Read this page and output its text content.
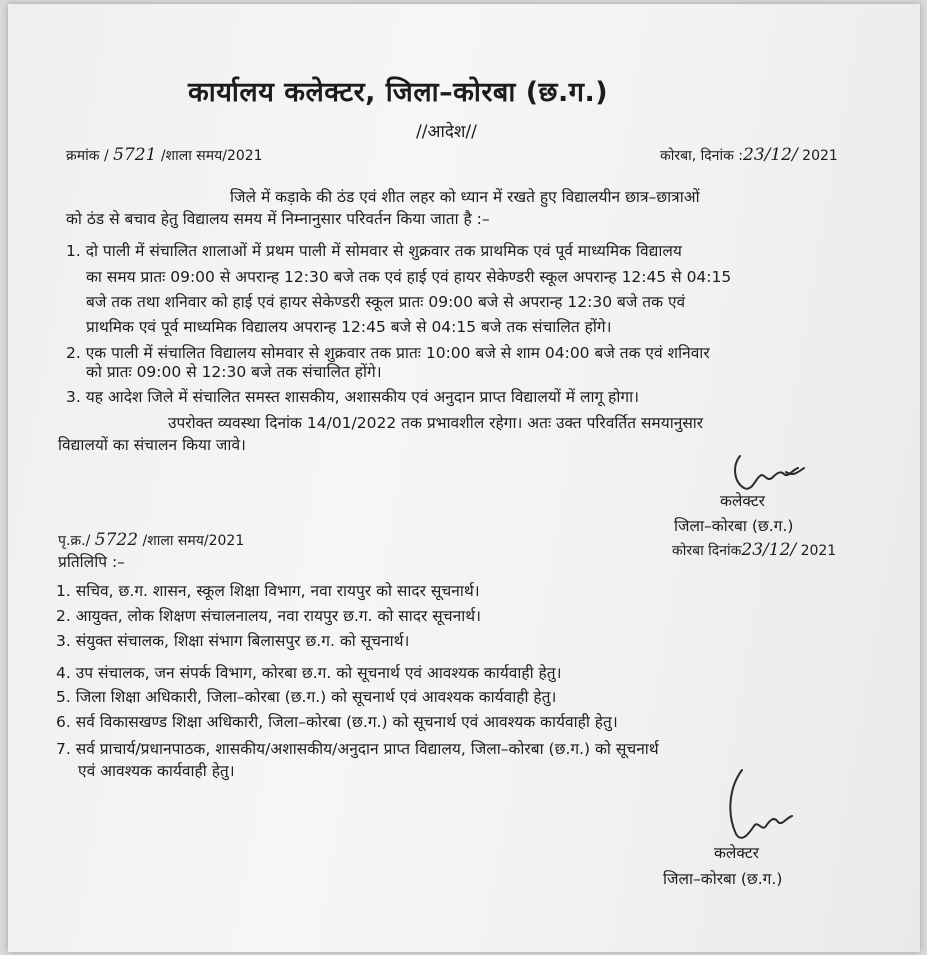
कार्यालय कलेक्टर, जिला–कोरबा (छ.ग.)
//आदेश//
क्रमांक / 5721 /शाला समय/2021	कोरबा, दिनांक :23/12/ 2021
जिले में कड़ाके की ठंड एवं शीत लहर को ध्यान में रखते हुए विद्यालयीन छात्र–छात्राओं
को ठंड से बचाव हेतु विद्यालय समय में निम्नानुसार परिवर्तन किया जाता है :–
1. दो पाली में संचालित शालाओं में प्रथम पाली में सोमवार से शुक्रवार तक प्राथमिक एवं पूर्व माध्यमिक विद्यालय
का समय प्रातः 09:00 से अपरान्ह 12:30 बजे तक एवं हाई एवं हायर सेकेण्डरी स्कूल अपरान्ह 12:45 से 04:15
बजे तक तथा शनिवार को हाई एवं हायर सेकेण्डरी स्कूल प्रातः 09:00 बजे से अपरान्ह 12:30 बजे तक एवं
प्राथमिक एवं पूर्व माध्यमिक विद्यालय अपरान्ह 12:45 बजे से 04:15 बजे तक संचालित होंगे।
2. एक पाली में संचालित विद्यालय सोमवार से शुक्रवार तक प्रातः 10:00 बजे से शाम 04:00 बजे तक एवं शनिवार
को प्रातः 09:00 से 12:30 बजे तक संचालित होंगे।
3. यह आदेश जिले में संचालित समस्त शासकीय, अशासकीय एवं अनुदान प्राप्त विद्यालयों में लागू होगा।
उपरोक्त व्यवस्था दिनांक 14/01/2022 तक प्रभावशील रहेगा। अतः उक्त परिवर्तित समयानुसार
विद्यालयों का संचालन किया जावे।
कलेक्टर
जिला–कोरबा (छ.ग.)
कोरबा दिनांक23/12/ 2021
पृ.क्र./ 5722 /शाला समय/2021
प्रतिलिपि :–
1. सचिव, छ.ग. शासन, स्कूल शिक्षा विभाग, नवा रायपुर को सादर सूचनार्थ।
2. आयुक्त, लोक शिक्षण संचालनालय, नवा रायपुर छ.ग. को सादर सूचनार्थ।
3. संयुक्त संचालक, शिक्षा संभाग बिलासपुर छ.ग. को सूचनार्थ।
4. उप संचालक, जन संपर्क विभाग, कोरबा छ.ग. को सूचनार्थ एवं आवश्यक कार्यवाही हेतु।
5. जिला शिक्षा अधिकारी, जिला–कोरबा (छ.ग.) को सूचनार्थ एवं आवश्यक कार्यवाही हेतु।
6. सर्व विकासखण्ड शिक्षा अधिकारी, जिला–कोरबा (छ.ग.) को सूचनार्थ एवं आवश्यक कार्यवाही हेतु।
7. सर्व प्राचार्य/प्रधानपाठक, शासकीय/अशासकीय/अनुदान प्राप्त विद्यालय, जिला–कोरबा (छ.ग.) को सूचनार्थ
एवं आवश्यक कार्यवाही हेतु।
कलेक्टर
जिला–कोरबा (छ.ग.)
